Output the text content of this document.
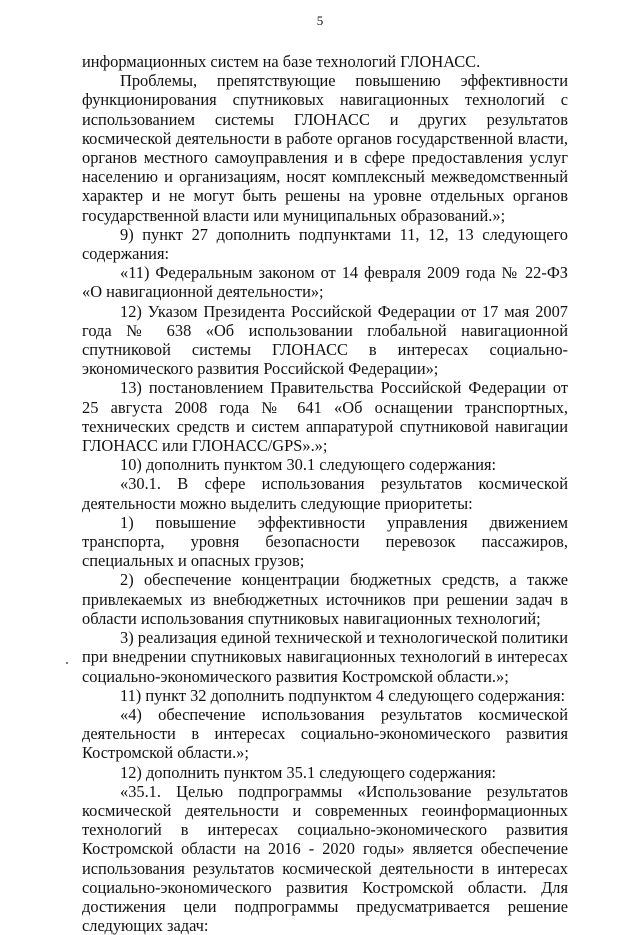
5

информационных систем на базе технологий ГЛОНАСС.

Проблемы, препятствующие повышению эффективности функционирования спутниковых навигационных технологий с использованием системы ГЛОНАСС и других результатов космической деятельности в работе органов государственной власти, органов местного самоуправления и в сфере предоставления услуг населению и организациям, носят комплексный межведомственный характер и не могут быть решены на уровне отдельных органов государственной власти или муниципальных образований.»;

9) пункт 27 дополнить подпунктами 11, 12, 13 следующего содержания:

«11) Федеральным законом от 14 февраля 2009 года № 22-ФЗ «О навигационной деятельности»;

12) Указом Президента Российской Федерации от 17 мая 2007 года № 638 «Об использовании глобальной навигационной спутниковой системы ГЛОНАСС в интересах социально-экономического развития Российской Федерации»;

13) постановлением Правительства Российской Федерации от 25 августа 2008 года № 641 «Об оснащении транспортных, технических средств и систем аппаратурой спутниковой навигации ГЛОНАСС или ГЛОНАСС/GPS».»;

10) дополнить пунктом 30.1 следующего содержания:

«30.1. В сфере использования результатов космической деятельности можно выделить следующие приоритеты:

1) повышение эффективности управления движением транспорта, уровня безопасности перевозок пассажиров, специальных и опасных грузов;

2) обеспечение концентрации бюджетных средств, а также привлекаемых из внебюджетных источников при решении задач в области использования спутниковых навигационных технологий;

3) реализация единой технической и технологической политики при внедрении спутниковых навигационных технологий в интересах социально-экономического развития Костромской области.»;

11) пункт 32 дополнить подпунктом 4 следующего содержания:

«4) обеспечение использования результатов космической деятельности в интересах социально-экономического развития Костромской области.»;

12) дополнить пунктом 35.1 следующего содержания:

«35.1. Целью подпрограммы «Использование результатов космической деятельности и современных геоинформационных технологий в интересах социально-экономического развития Костромской области на 2016 - 2020 годы» является обеспечение использования результатов космической деятельности в интересах социально-экономического развития Костромской области. Для достижения цели подпрограммы предусматривается решение следующих задач:
